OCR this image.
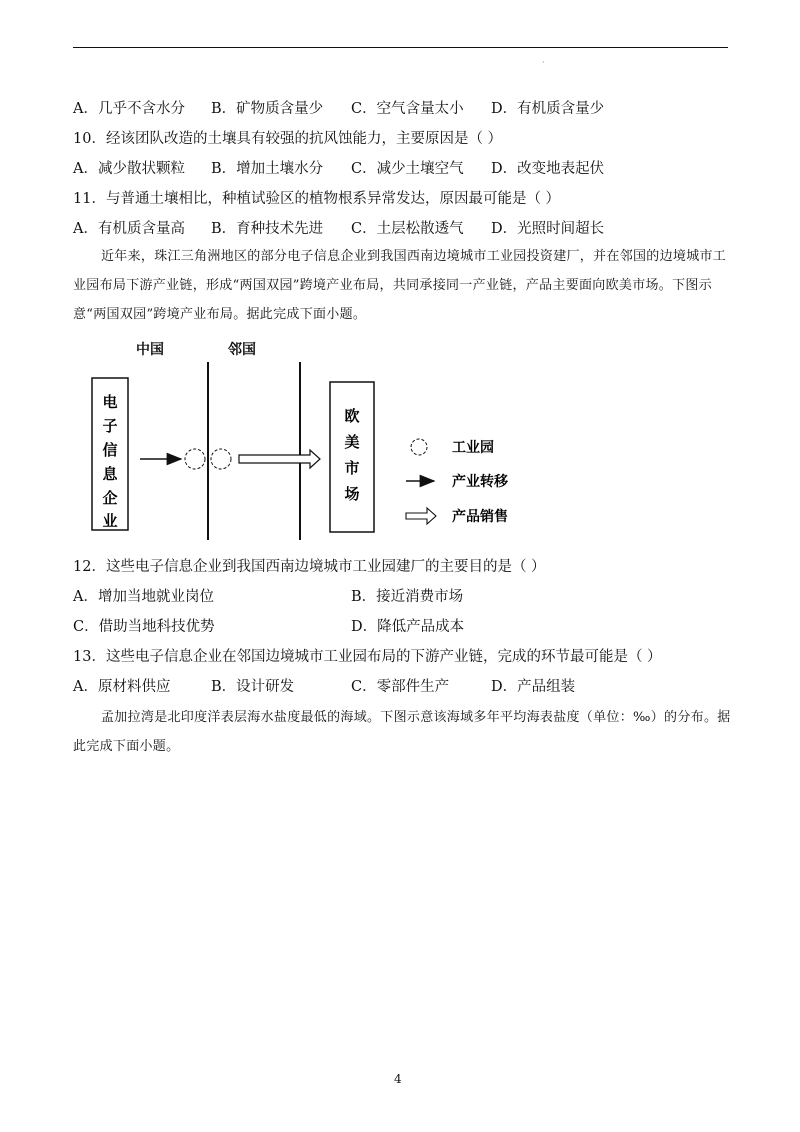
·
A．几乎不含水分 B．矿物质含量少 C．空气含量太小 D．有机质含量少
10．经该团队改造的土壤具有较强的抗风蚀能力，主要原因是（ ）
A．减少散状颗粒 B．增加土壤水分 C．减少土壤空气 D．改变地表起伏
11．与普通土壤相比，种植试验区的植物根系异常发达，原因最可能是（ ）
A．有机质含量高 B．育种技术先进 C．土层松散透气 D．光照时间超长

近年来，珠江三角洲地区的部分电子信息企业到我国西南边境城市工业园投资建厂，并在邻国的边境城市工业园布局下游产业链，形成“两国双园”跨境产业布局，共同承接同一产业链，产品主要面向欧美市场。下图示意“两国双园”跨境产业布局。据此完成下面小题。

中国	邻国
电
子
信
息
企
业
欧
美
市
场
工业园
产业转移
产品销售
12．这些电子信息企业到我国西南边境城市工业园建厂的主要目的是（ ）
A．增加当地就业岗位	B．接近消费市场
C．借助当地科技优势	D．降低产品成本
13．这些电子信息企业在邻国边境城市工业园布局的下游产业链，完成的环节最可能是（ ）
A．原材料供应	B．设计研发	C．零部件生产	D．产品组装

孟加拉湾是北印度洋表层海水盐度最低的海域。下图示意该海域多年平均海表盐度（单位：‰）的分布。据此完成下面小题。

4
